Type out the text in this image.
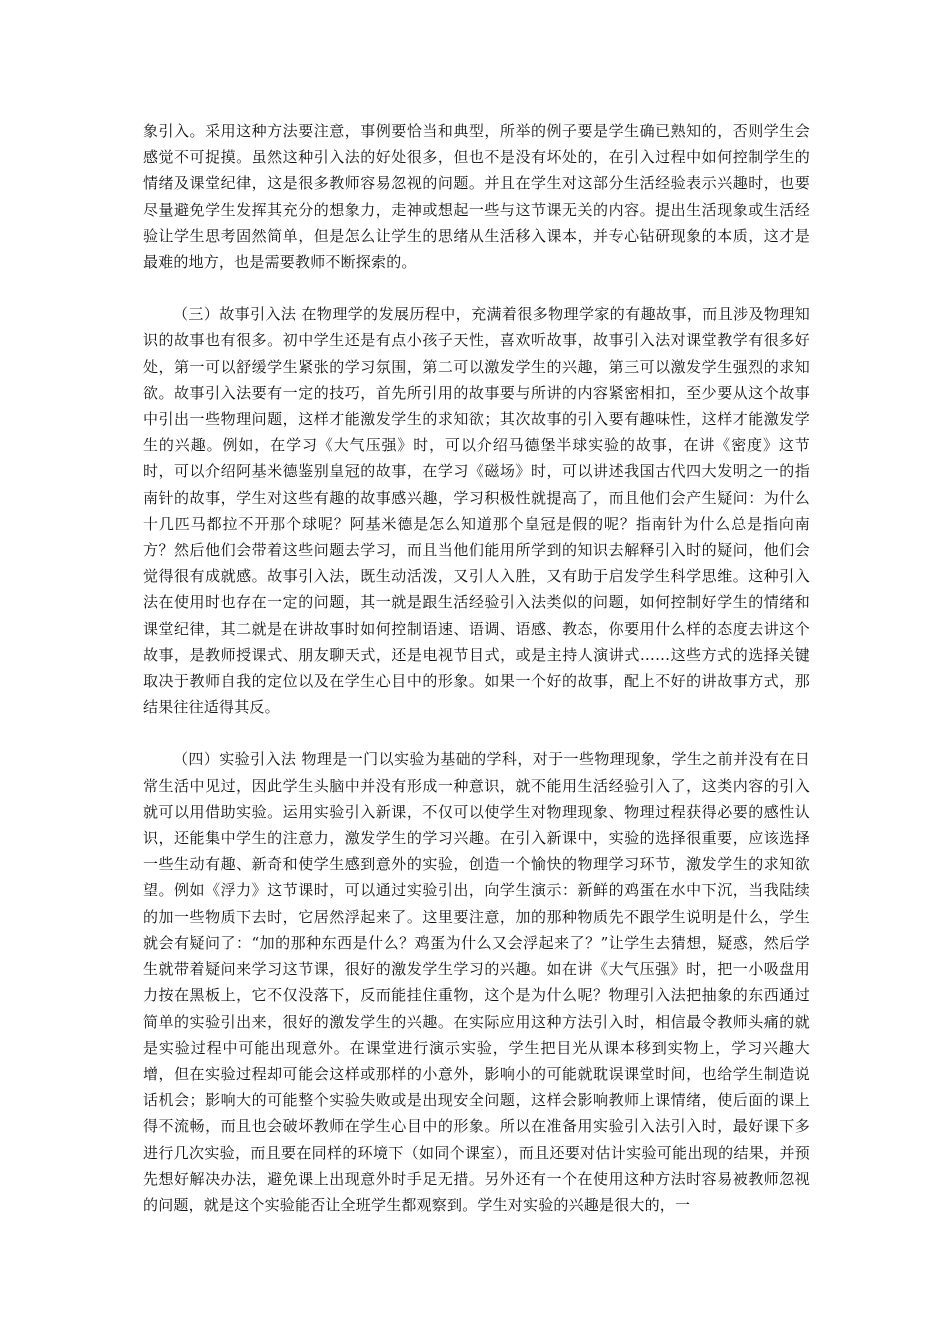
象引入。采用这种方法要注意，事例要恰当和典型，所举的例子要是学生确已熟知的，否则学生会感觉不可捉摸。虽然这种引入法的好处很多，但也不是没有坏处的，在引入过程中如何控制学生的情绪及课堂纪律，这是很多教师容易忽视的问题。并且在学生对这部分生活经验表示兴趣时，也要尽量避免学生发挥其充分的想象力，走神或想起一些与这节课无关的内容。提出生活现象或生活经验让学生思考固然简单，但是怎么让学生的思绪从生活移入课本，并专心钻研现象的本质，这才是最难的地方，也是需要教师不断探索的。

（三）故事引入法 在物理学的发展历程中，充满着很多物理学家的有趣故事，而且涉及物理知识的故事也有很多。初中学生还是有点小孩子天性，喜欢听故事，故事引入法对课堂教学有很多好处，第一可以舒缓学生紧张的学习氛围，第二可以激发学生的兴趣，第三可以激发学生强烈的求知欲。故事引入法要有一定的技巧，首先所引用的故事要与所讲的内容紧密相扣，至少要从这个故事中引出一些物理问题，这样才能激发学生的求知欲；其次故事的引入要有趣味性，这样才能激发学生的兴趣。例如，在学习《大气压强》时，可以介绍马德堡半球实验的故事，在讲《密度》这节时，可以介绍阿基米德鉴别皇冠的故事，在学习《磁场》时，可以讲述我国古代四大发明之一的指南针的故事，学生对这些有趣的故事感兴趣，学习积极性就提高了，而且他们会产生疑问：为什么十几匹马都拉不开那个球呢？阿基米德是怎么知道那个皇冠是假的呢？指南针为什么总是指向南方？然后他们会带着这些问题去学习，而且当他们能用所学到的知识去解释引入时的疑问，他们会觉得很有成就感。故事引入法，既生动活泼，又引人入胜，又有助于启发学生科学思维。这种引入法在使用时也存在一定的问题，其一就是跟生活经验引入法类似的问题，如何控制好学生的情绪和课堂纪律，其二就是在讲故事时如何控制语速、语调、语感、教态，你要用什么样的态度去讲这个故事，是教师授课式、朋友聊天式，还是电视节目式，或是主持人演讲式……这些方式的选择关键取决于教师自我的定位以及在学生心目中的形象。如果一个好的故事，配上不好的讲故事方式，那结果往往适得其反。

（四）实验引入法 物理是一门以实验为基础的学科，对于一些物理现象，学生之前并没有在日常生活中见过，因此学生头脑中并没有形成一种意识，就不能用生活经验引入了，这类内容的引入就可以用借助实验。运用实验引入新课，不仅可以使学生对物理现象、物理过程获得必要的感性认识，还能集中学生的注意力，激发学生的学习兴趣。在引入新课中，实验的选择很重要，应该选择一些生动有趣、新奇和使学生感到意外的实验，创造一个愉快的物理学习环节，激发学生的求知欲望。例如《浮力》这节课时，可以通过实验引出，向学生演示：新鲜的鸡蛋在水中下沉，当我陆续的加一些物质下去时，它居然浮起来了。这里要注意，加的那种物质先不跟学生说明是什么，学生就会有疑问了：“加的那种东西是什么？鸡蛋为什么又会浮起来了？”让学生去猜想，疑惑，然后学生就带着疑问来学习这节课，很好的激发学生学习的兴趣。如在讲《大气压强》时，把一小吸盘用力按在黑板上，它不仅没落下，反而能挂住重物，这个是为什么呢？物理引入法把抽象的东西通过简单的实验引出来，很好的激发学生的兴趣。在实际应用这种方法引入时，相信最令教师头痛的就是实验过程中可能出现意外。在课堂进行演示实验，学生把目光从课本移到实物上，学习兴趣大增，但在实验过程却可能会这样或那样的小意外，影响小的可能就耽误课堂时间，也给学生制造说话机会；影响大的可能整个实验失败或是出现安全问题，这样会影响教师上课情绪，使后面的课上得不流畅，而且也会破坏教师在学生心目中的形象。所以在准备用实验引入法引入时，最好课下多进行几次实验，而且要在同样的环境下（如同个课室），而且还要对估计实验可能出现的结果，并预先想好解决办法，避免课上出现意外时手足无措。另外还有一个在使用这种方法时容易被教师忽视的问题，就是这个实验能否让全班学生都观察到。学生对实验的兴趣是很大的，一
